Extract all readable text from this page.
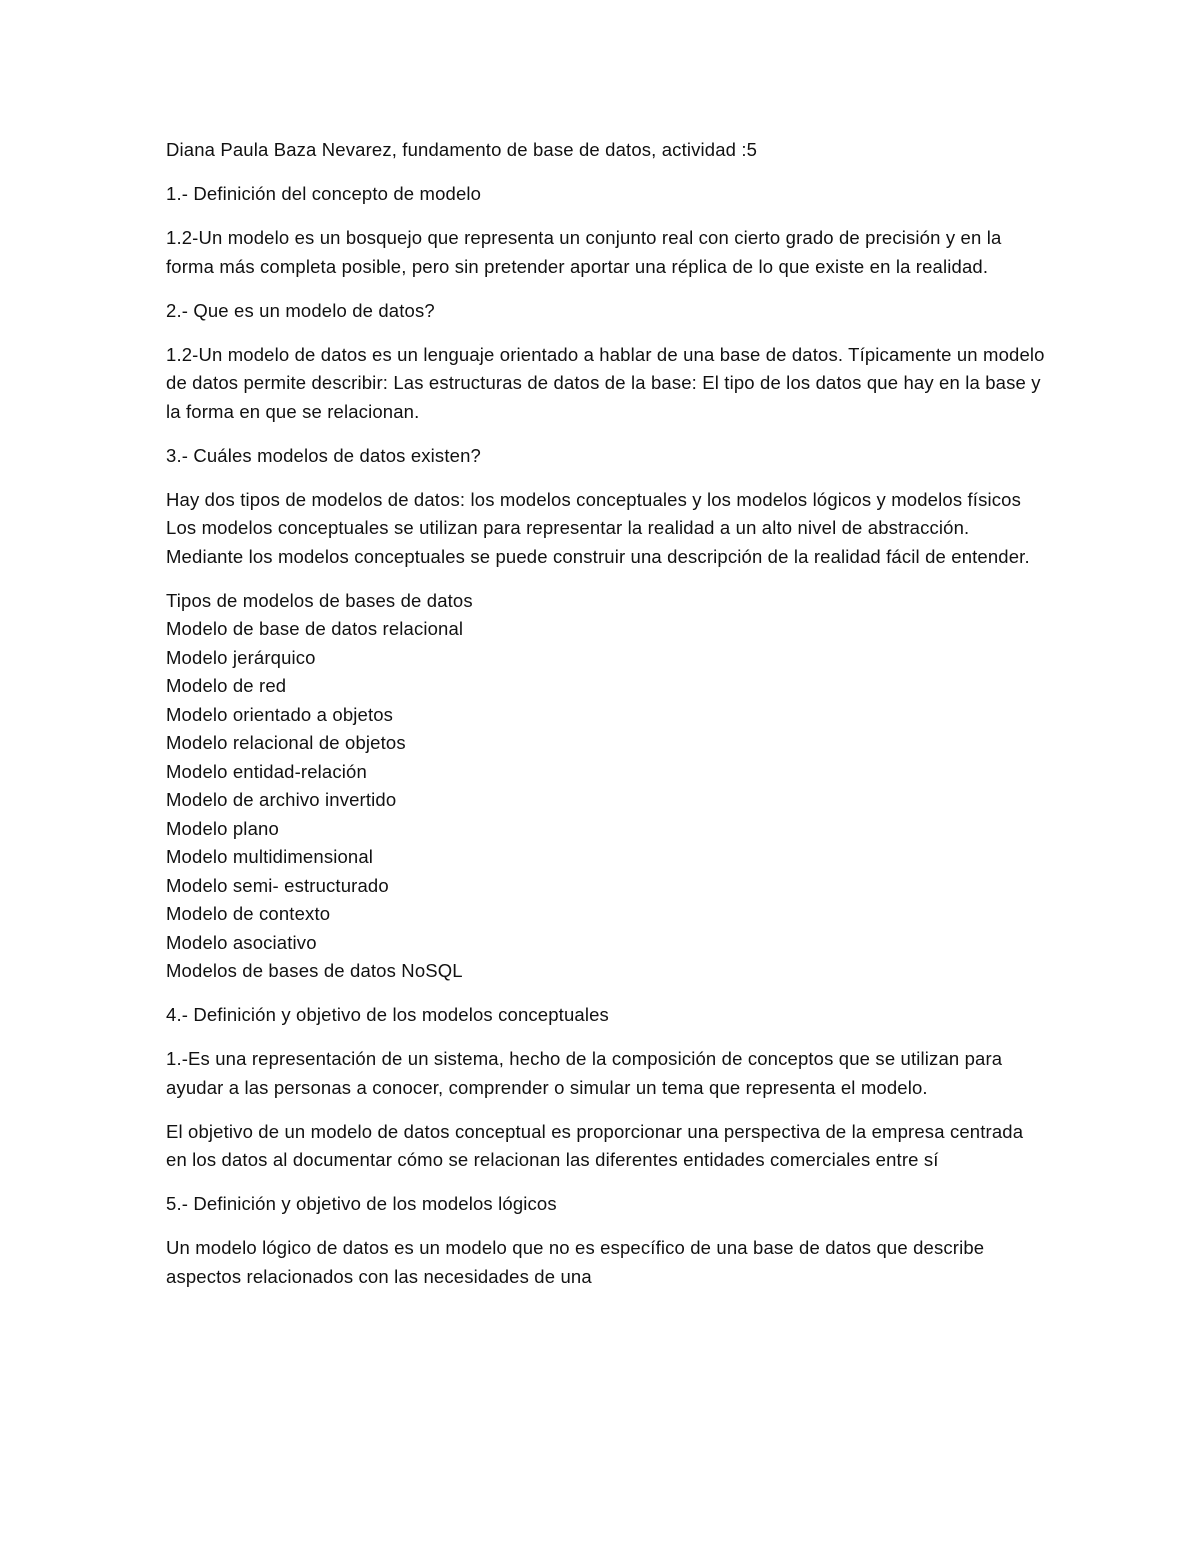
Diana Paula Baza Nevarez, fundamento de base de datos, actividad :5

1.- Definición del concepto de modelo

1.2-Un modelo es un bosquejo que representa un conjunto real con cierto grado de precisión y en la forma más completa posible, pero sin pretender aportar una réplica de lo que existe en la realidad.

2.- Que es un modelo de datos?

1.2-Un modelo de datos es un lenguaje orientado a hablar de una base de datos. Típicamente un modelo de datos permite describir: Las estructuras de datos de la base: El tipo de los datos que hay en la base y la forma en que se relacionan.

3.- Cuáles modelos de datos existen?

Hay dos tipos de modelos de datos: los modelos conceptuales y los modelos lógicos y modelos físicos Los modelos conceptuales se utilizan para representar la realidad a un alto nivel de abstracción. Mediante los modelos conceptuales se puede construir una descripción de la realidad fácil de entender.

Tipos de modelos de bases de datos
Modelo de base de datos relacional
Modelo jerárquico
Modelo de red
Modelo orientado a objetos
Modelo relacional de objetos
Modelo entidad-relación
Modelo de archivo invertido
Modelo plano
Modelo multidimensional
Modelo semi- estructurado
Modelo de contexto
Modelo asociativo
Modelos de bases de datos NoSQL

4.- Definición y objetivo de los modelos conceptuales

1.-Es una representación de un sistema, hecho de la composición de conceptos que se utilizan para ayudar a las personas a conocer, comprender o simular un tema que representa el modelo.

El objetivo de un modelo de datos conceptual es proporcionar una perspectiva de la empresa centrada en los datos al documentar cómo se relacionan las diferentes entidades comerciales entre sí

5.- Definición y objetivo de los modelos lógicos

Un modelo lógico de datos es un modelo que no es específico de una base de datos que describe aspectos relacionados con las necesidades de una
